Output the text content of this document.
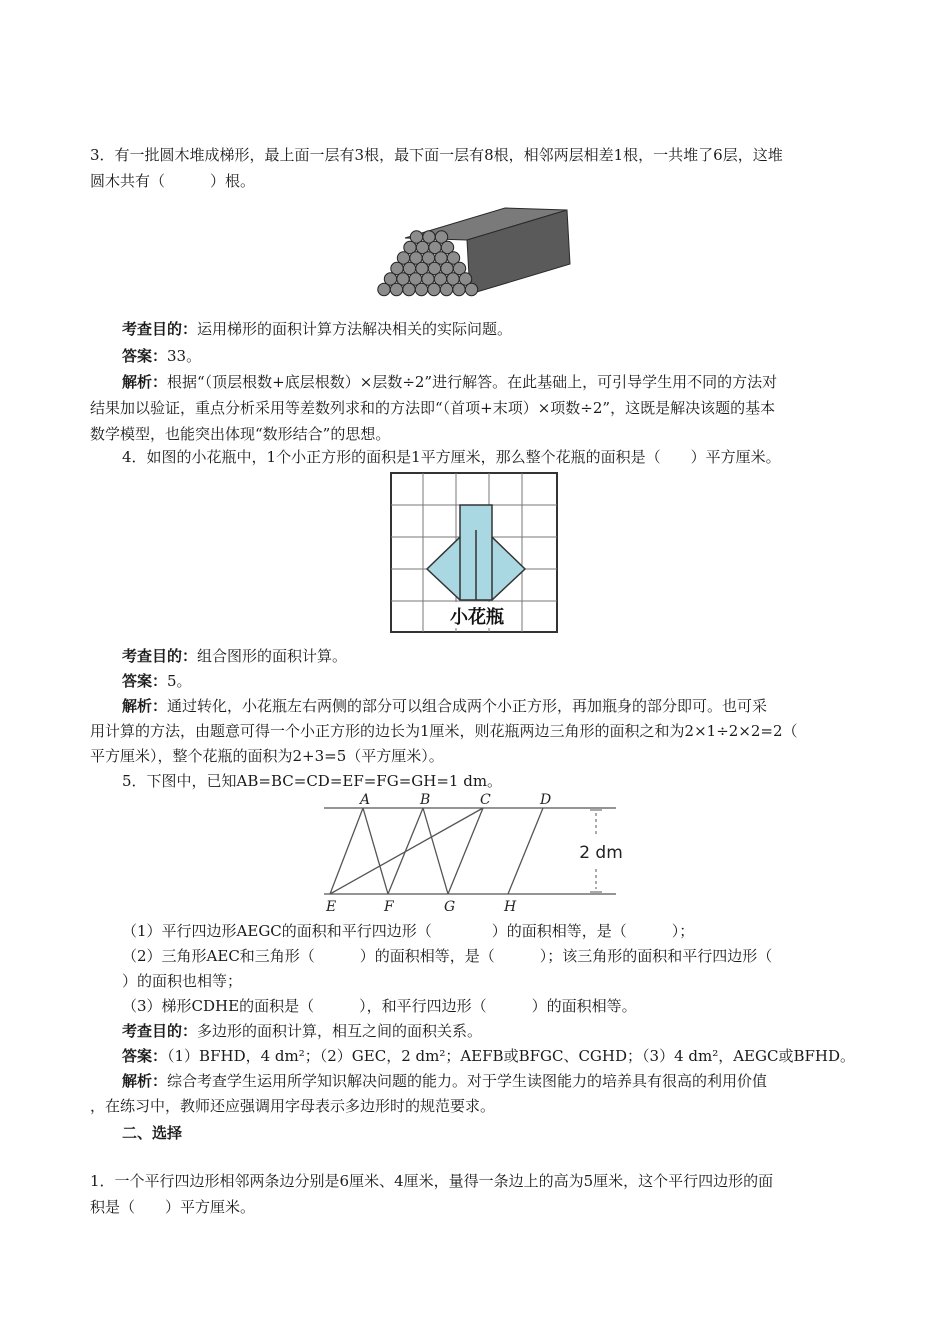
3．有一批圆木堆成梯形，最上面一层有3根，最下面一层有8根，相邻两层相差1根，一共堆了6层，这堆
圆木共有（　　　）根。
考查目的：运用梯形的面积计算方法解决相关的实际问题。
答案：33。
解析：根据“（顶层根数+底层根数）×层数÷2”进行解答。在此基础上，可引导学生用不同的方法对
结果加以验证，重点分析采用等差数列求和的方法即“（首项+末项）×项数÷2”，这既是解决该题的基本
数学模型，也能突出体现“数形结合”的思想。
4．如图的小花瓶中，1个小正方形的面积是1平方厘米，那么整个花瓶的面积是（　　）平方厘米。
小花瓶
考查目的：组合图形的面积计算。
答案：5。
解析：通过转化，小花瓶左右两侧的部分可以组合成两个小正方形，再加瓶身的部分即可。也可采
用计算的方法，由题意可得一个小正方形的边长为1厘米，则花瓶两边三角形的面积之和为2×1÷2×2=2（
平方厘米），整个花瓶的面积为2+3=5（平方厘米）。
5．下图中，已知AB=BC=CD=EF=FG=GH=1 dm。
2 dm
A	B	C	D
E	F	G	H
（1）平行四边形AEGC的面积和平行四边形（　　　　）的面积相等，是（　　　）；
（2）三角形AEC和三角形（　　　）的面积相等，是（　　　）；该三角形的面积和平行四边形（
）的面积也相等；
（3）梯形CDHE的面积是（　　　），和平行四边形（　　　）的面积相等。
考查目的：多边形的面积计算，相互之间的面积关系。
答案：（1）BFHD，4 dm²；（2）GEC，2 dm²；AEFB或BFGC、CGHD；（3）4 dm²，AEGC或BFHD。
解析：综合考查学生运用所学知识解决问题的能力。对于学生读图能力的培养具有很高的利用价值
，在练习中，教师还应强调用字母表示多边形时的规范要求。
二、选择
1．一个平行四边形相邻两条边分别是6厘米、4厘米，量得一条边上的高为5厘米，这个平行四边形的面
积是（　　）平方厘米。
